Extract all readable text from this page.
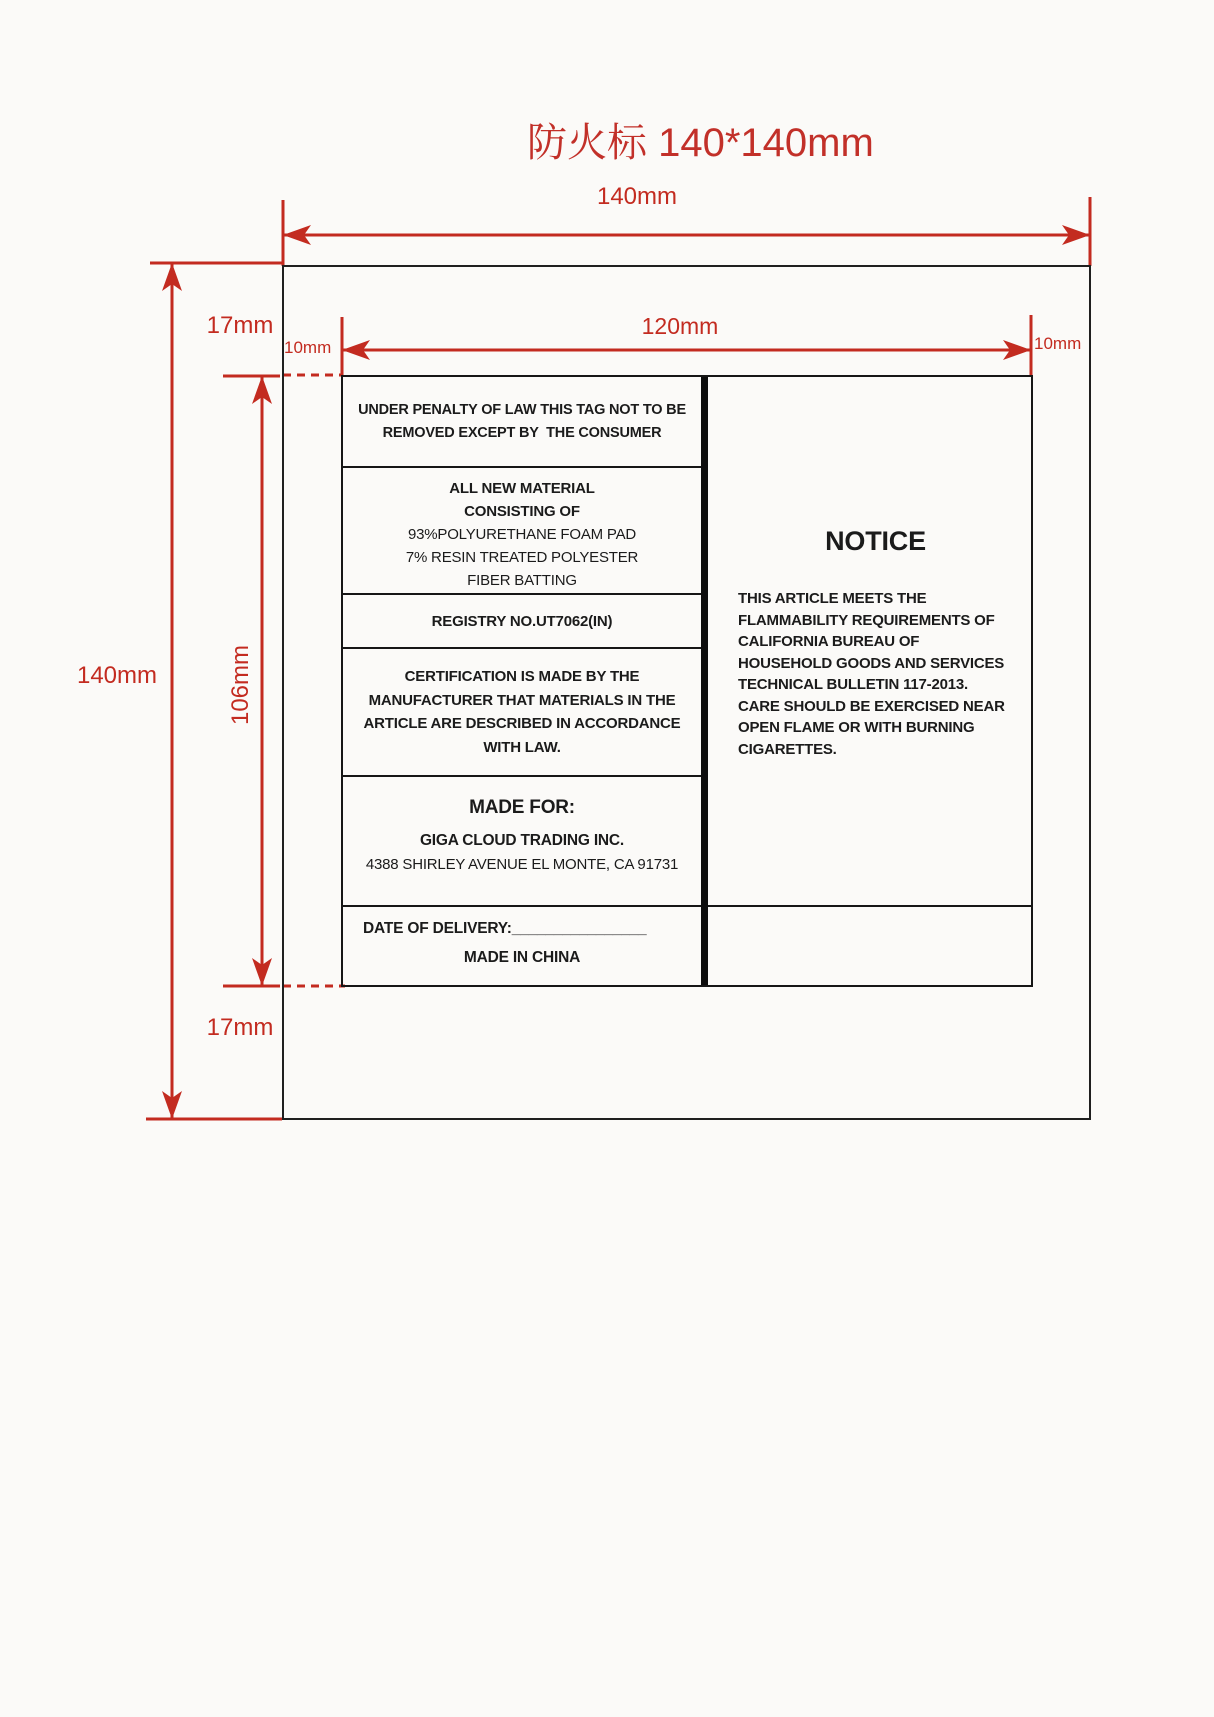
防火标 140*140mm
140mm
120mm
17mm
10mm	10mm
140mm	106mm
17mm
UNDER PENALTY OF LAW THIS TAG NOT TO BE
REMOVED EXCEPT BY  THE CONSUMER
ALL NEW MATERIAL
CONSISTING OF
93%POLYURETHANE FOAM PAD
7% RESIN TREATED POLYESTER
FIBER BATTING
REGISTRY NO.UT7062(IN)
CERTIFICATION IS MADE BY THE MANUFACTURER THAT MATERIALS IN THE ARTICLE ARE DESCRIBED IN ACCORDANCE WITH LAW.
MADE FOR:
GIGA CLOUD TRADING INC.
4388 SHIRLEY AVENUE EL MONTE, CA 91731
DATE OF DELIVERY:________________
MADE IN CHINA
NOTICE
THIS ARTICLE MEETS THE FLAMMABILITY REQUIREMENTS OF CALIFORNIA BUREAU OF HOUSEHOLD GOODS AND SERVICES TECHNICAL BULLETIN 117-2013. CARE SHOULD BE EXERCISED NEAR OPEN FLAME OR WITH BURNING CIGARETTES.
